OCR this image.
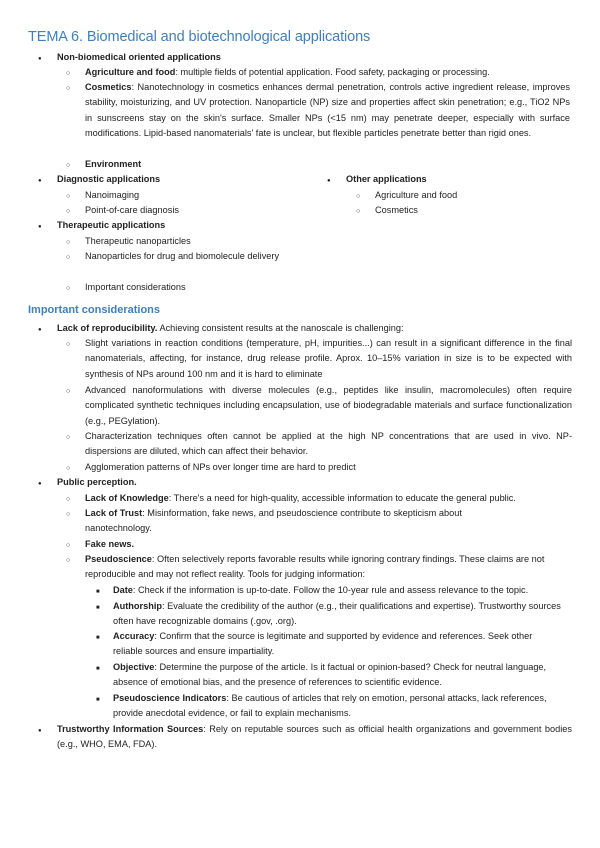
TEMA 6. Biomedical and biotechnological applications
●
Non-biomedical oriented applications
○
Agriculture and food: multiple fields of potential application. Food safety, packaging or processing.
○
Cosmetics: Nanotechnology in cosmetics enhances dermal penetration, controls active ingredient release, improves stability, moisturizing, and UV protection. Nanoparticle (NP) size and properties affect skin penetration; e.g., TiO2 NPs in sunscreens stay on the skin's surface. Smaller NPs (<15 nm) may penetrate deeper, especially with surface modifications. Lipid-based nanomaterials' fate is unclear, but flexible particles penetrate better than rigid ones.
○
Environment
●
Diagnostic applications
○
Nanoimaging
○
Point-of-care diagnosis
●
Other applications
○
Agriculture and food
○
Cosmetics
●
Therapeutic applications
○
Therapeutic nanoparticles
○
Nanoparticles for drug and biomolecule delivery
○
Important considerations
Important considerations
●
Lack of reproducibility. Achieving consistent results at the nanoscale is challenging:
○
Slight variations in reaction conditions (temperature, pH, impurities...) can result in a significant difference in the final nanomaterials, affecting, for instance, drug release profile. Aprox. 10–15% variation in size is to be expected with synthesis of NPs around 100 nm and it is hard to eliminate
○
Advanced nanoformulations with diverse molecules (e.g., peptides like insulin, macromolecules) often require complicated synthetic techniques including encapsulation, use of biodegradable materials and surface functionalization (e.g., PEGylation).
○
Characterization techniques often cannot be applied at the high NP concentrations that are used in vivo. NP-dispersions are diluted, which can affect their behavior.
○
Agglomeration patterns of NPs over longer time are hard to predict
●
Public perception.
○
Lack of Knowledge: There's a need for high-quality, accessible information to educate the general public.
○
Lack of Trust: Misinformation, fake news, and pseudoscience contribute to skepticism about nanotechnology.
○
Fake news.
○
Pseudoscience: Often selectively reports favorable results while ignoring contrary findings. These claims are not reproducible and may not reflect reality. Tools for judging information:
■
Date: Check if the information is up-to-date. Follow the 10-year rule and assess relevance to the topic.
■
Authorship: Evaluate the credibility of the author (e.g., their qualifications and expertise). Trustworthy sources often have recognizable domains (.gov, .org).
■
Accuracy: Confirm that the source is legitimate and supported by evidence and references. Seek other reliable sources and ensure impartiality.
■
Objective: Determine the purpose of the article. Is it factual or opinion-based? Check for neutral language, absence of emotional bias, and the presence of references to scientific evidence.
■
Pseudoscience Indicators: Be cautious of articles that rely on emotion, personal attacks, lack references, provide anecdotal evidence, or fail to explain mechanisms.
●
Trustworthy Information Sources: Rely on reputable sources such as official health organizations and government bodies (e.g., WHO, EMA, FDA).
